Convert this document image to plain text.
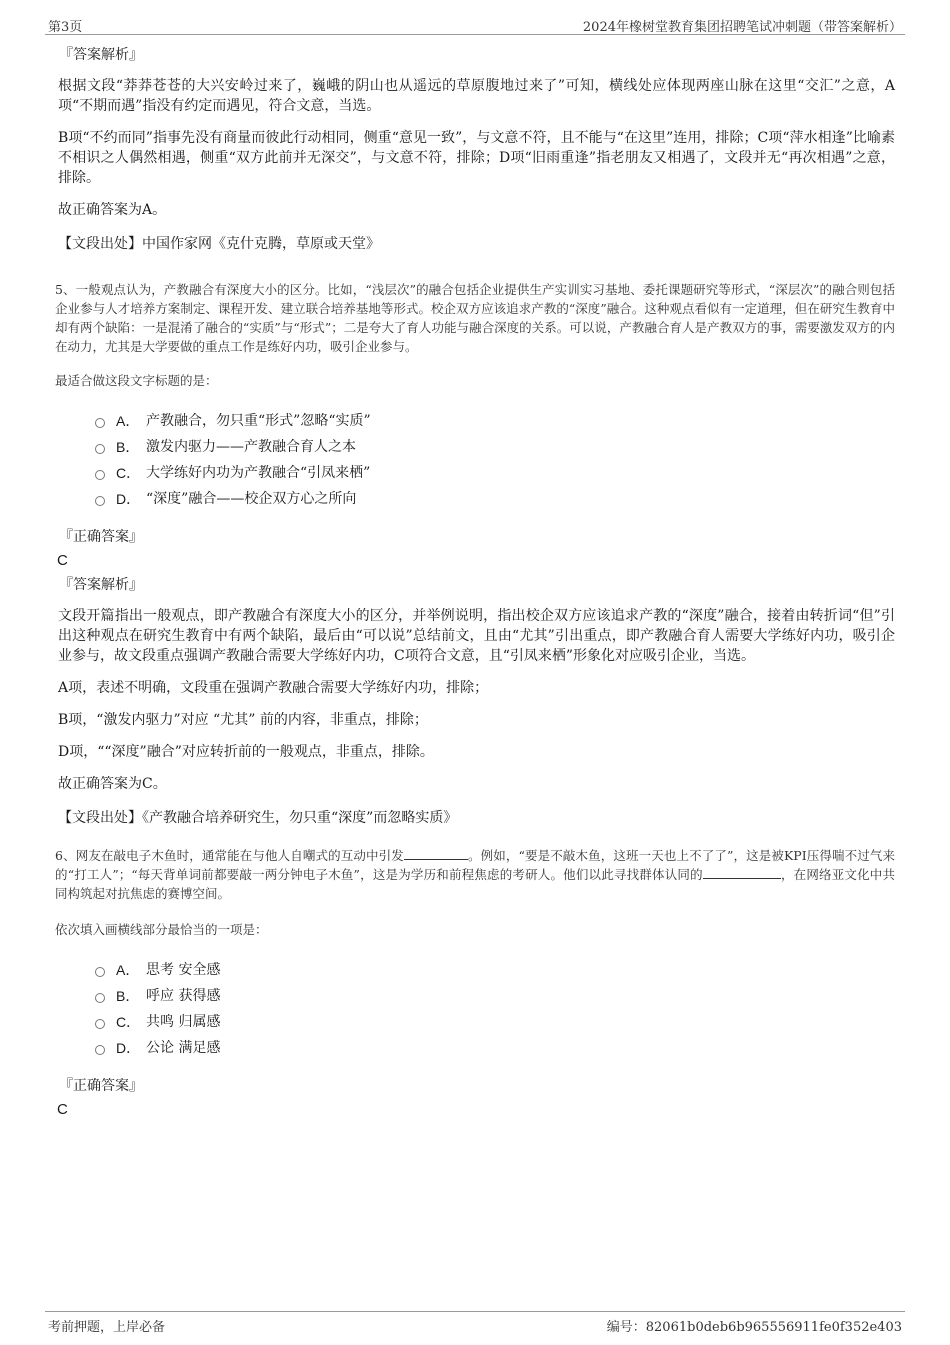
第3页	2024年橡树堂教育集团招聘笔试冲刺题（带答案解析）
『答案解析』
根据文段“莽莽苍苍的大兴安岭过来了，巍峨的阴山也从遥远的草原腹地过来了”可知，横线处应体现两座山脉在这里“交汇”之意，A项“不期而遇”指没有约定而遇见，符合文意，当选。
B项“不约而同”指事先没有商量而彼此行动相同，侧重“意见一致”，与文意不符，且不能与“在这里”连用，排除；C项“萍水相逢”比喻素不相识之人偶然相遇，侧重“双方此前并无深交”，与文意不符，排除；D项“旧雨重逢”指老朋友又相遇了，文段并无“再次相遇”之意，排除。
故正确答案为A。
【文段出处】中国作家网《克什克腾，草原或天堂》
5、一般观点认为，产教融合有深度大小的区分。比如，“浅层次”的融合包括企业提供生产实训实习基地、委托课题研究等形式，“深层次”的融合则包括企业参与人才培养方案制定、课程开发、建立联合培养基地等形式。校企双方应该追求产教的“深度”融合。这种观点看似有一定道理，但在研究生教育中却有两个缺陷：一是混淆了融合的“实质”与“形式”；二是夸大了育人功能与融合深度的关系。可以说，产教融合育人是产教双方的事，需要激发双方的内在动力，尤其是大学要做的重点工作是练好内功，吸引企业参与。
最适合做这段文字标题的是：
A． 产教融合，勿只重“形式”忽略“实质”
B． 激发内驱力——产教融合育人之本
C． 大学练好内功为产教融合“引凤来栖”
D． “深度”融合——校企双方心之所向
『正确答案』
C
『答案解析』
文段开篇指出一般观点，即产教融合有深度大小的区分，并举例说明，指出校企双方应该追求产教的“深度”融合，接着由转折词“但”引出这种观点在研究生教育中有两个缺陷，最后由“可以说”总结前文，且由“尤其”引出重点，即产教融合育人需要大学练好内功，吸引企业参与，故文段重点强调产教融合需要大学练好内功，C项符合文意，且“引凤来栖”形象化对应吸引企业，当选。
A项，表述不明确，文段重在强调产教融合需要大学练好内功，排除；
B项，“激发内驱力”对应 “尤其” 前的内容，非重点，排除；
D项，““深度”融合”对应转折前的一般观点，非重点，排除。
故正确答案为C。
【文段出处】《产教融合培养研究生，勿只重“深度”而忽略实质》
6、网友在敲电子木鱼时，通常能在与他人自嘲式的互动中引发	。例如，“要是不敲木鱼，这班一天也上不了了”，这是被KPI压得喘不过气来的“打工人”；“每天背单词前都要敲一两分钟电子木鱼”，这是为学历和前程焦虑的考研人。他们以此寻找群体认同的	，在网络亚文化中共同构筑起对抗焦虑的赛博空间。
依次填入画横线部分最恰当的一项是：
A． 思考 安全感
B． 呼应 获得感
C． 共鸣 归属感
D． 公论 满足感
『正确答案』
C
考前押题，上岸必备	编号：82061b0deb6b965556911fe0f352e403
